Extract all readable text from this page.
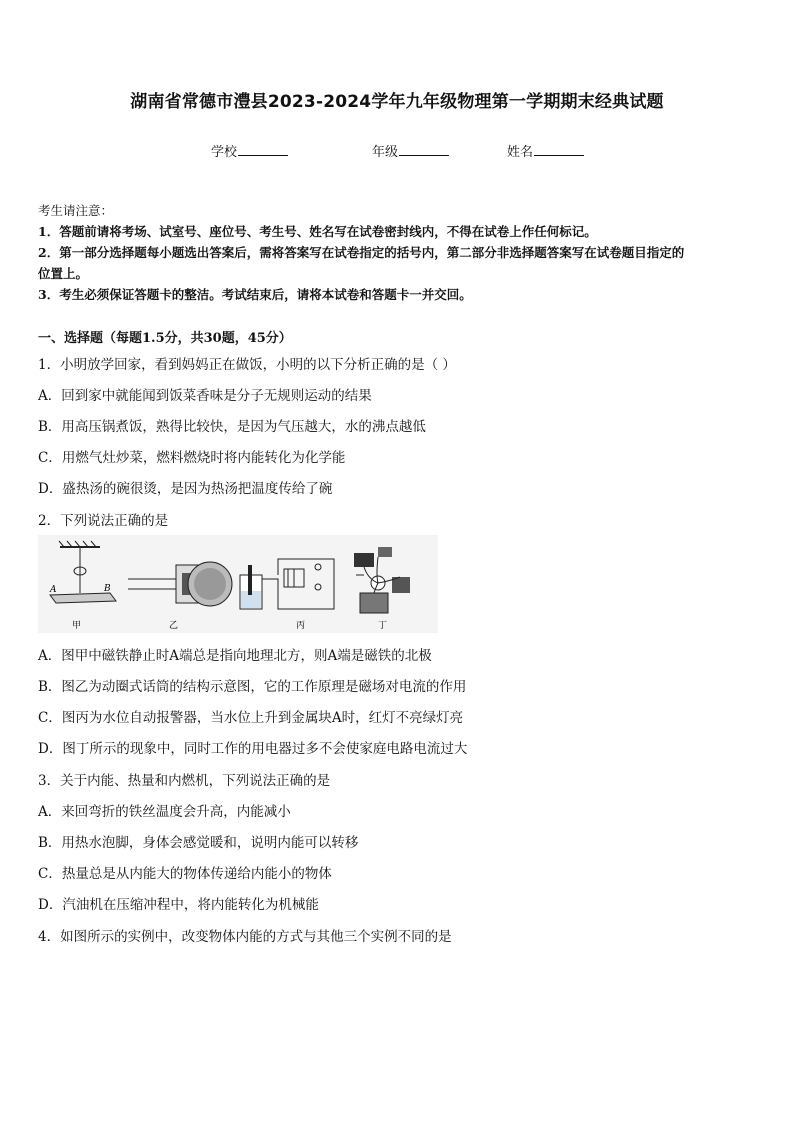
湖南省常德市澧县2023-2024学年九年级物理第一学期期末经典试题
学校	年级	姓名
考生请注意：
1．答题前请将考场、试室号、座位号、考生号、姓名写在试卷密封线内，不得在试卷上作任何标记。
2．第一部分选择题每小题选出答案后，需将答案写在试卷指定的括号内，第二部分非选择题答案写在试卷题目指定的
位置上。
3．考生必须保证答题卡的整洁。考试结束后，请将本试卷和答题卡一并交回。
一、选择题（每题1.5分，共30题，45分）
1．小明放学回家，看到妈妈正在做饭，小明的以下分析正确的是（ ）
A．回到家中就能闻到饭菜香味是分子无规则运动的结果
B．用高压锅煮饭，熟得比较快，是因为气压越大，水的沸点越低
C．用燃气灶炒菜，燃料燃烧时将内能转化为化学能
D．盛热汤的碗很烫，是因为热汤把温度传给了碗
2．下列说法正确的是
A	B
甲	乙	丙	丁
A．图甲中磁铁静止时A端总是指向地理北方，则A端是磁铁的北极
B．图乙为动圈式话筒的结构示意图，它的工作原理是磁场对电流的作用
C．图丙为水位自动报警器，当水位上升到金属块A时，红灯不亮绿灯亮
D．图丁所示的现象中，同时工作的用电器过多不会使家庭电路电流过大
3．关于内能、热量和内燃机，下列说法正确的是
A．来回弯折的铁丝温度会升高，内能减小
B．用热水泡脚，身体会感觉暖和，说明内能可以转移
C．热量总是从内能大的物体传递给内能小的物体
D．汽油机在压缩冲程中，将内能转化为机械能
4．如图所示的实例中，改变物体内能的方式与其他三个实例不同的是
